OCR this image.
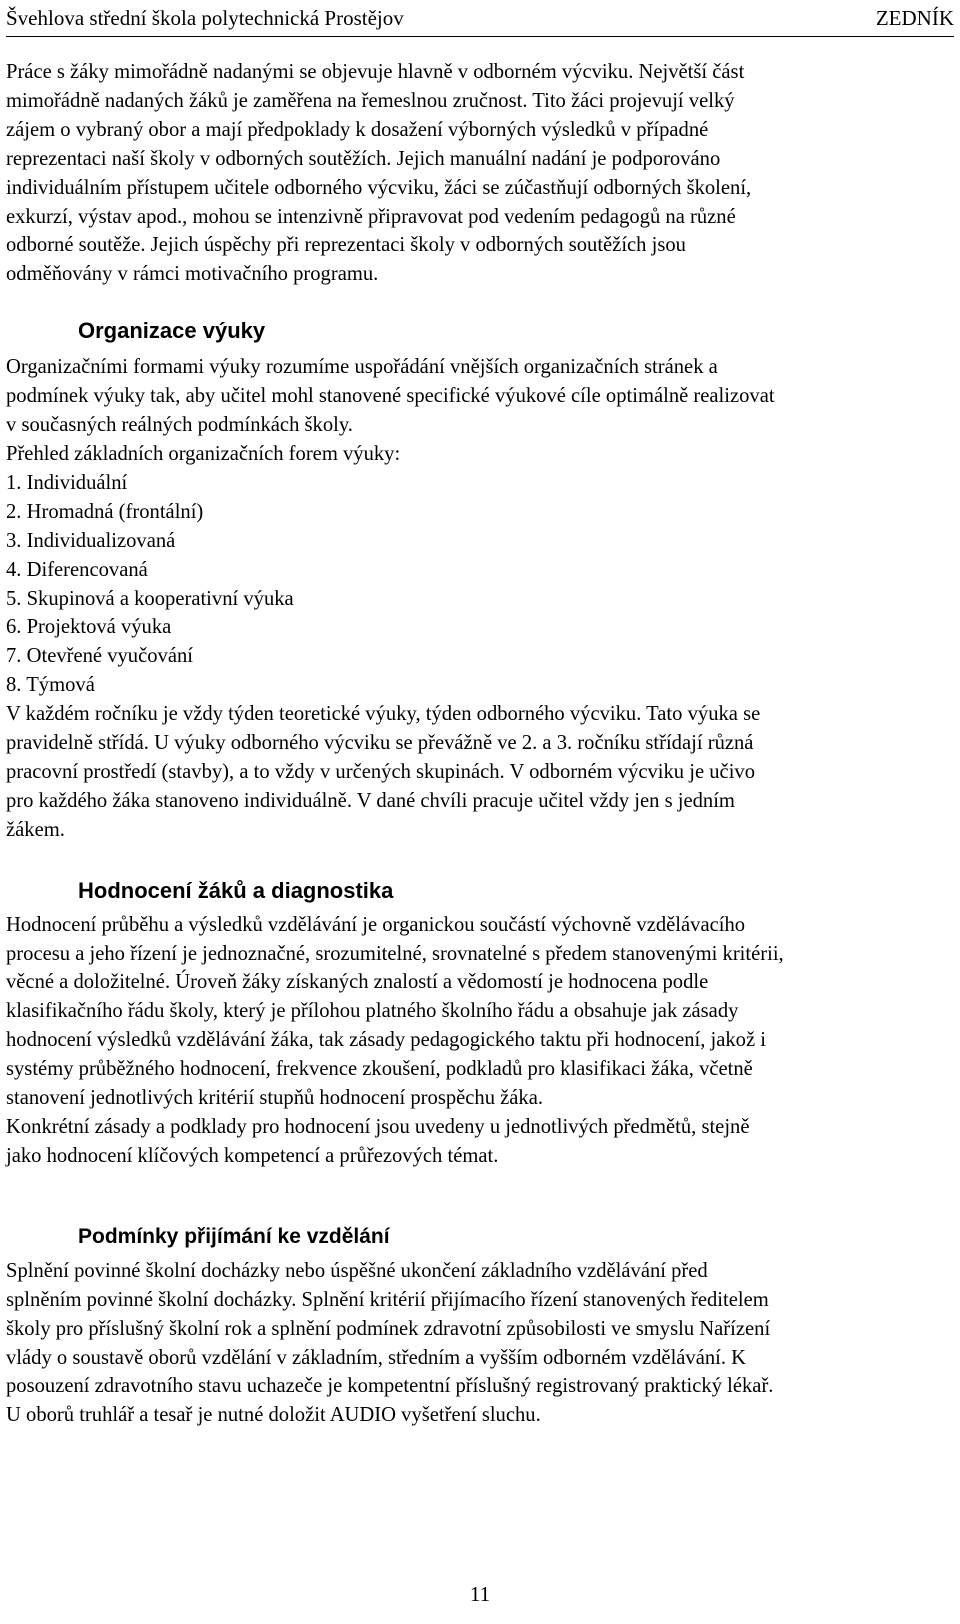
Švehlova střední škola polytechnická Prostějov	ZEDNÍK

Práce s žáky mimořádně nadanými se objevuje hlavně v odborném výcviku. Největší část
mimořádně nadaných žáků je zaměřena na řemeslnou zručnost. Tito žáci projevují velký
zájem o vybraný obor a mají předpoklady k dosažení výborných výsledků v případné
reprezentaci naší školy v odborných soutěžích. Jejich manuální nadání je podporováno
individuálním přístupem učitele odborného výcviku, žáci se zúčastňují odborných školení,
exkurzí, výstav apod., mohou se intenzivně připravovat pod vedením pedagogů na různé
odborné soutěže. Jejich úspěchy při reprezentaci školy v odborných soutěžích jsou
odměňovány v rámci motivačního programu.

Organizace výuky

Organizačními formami výuky rozumíme uspořádání vnějších organizačních stránek a
podmínek výuky tak, aby učitel mohl stanovené specifické výukové cíle optimálně realizovat
v současných reálných podmínkách školy.

Přehled základních organizačních forem výuky:

1. Individuální
2. Hromadná (frontální)
3. Individualizovaná
4. Diferencovaná
5. Skupinová a kooperativní výuka
6. Projektová výuka
7. Otevřené vyučování
8. Týmová

V každém ročníku je vždy týden teoretické výuky, týden odborného výcviku. Tato výuka se
pravidelně střídá. U výuky odborného výcviku se převážně ve 2. a 3. ročníku střídají různá
pracovní prostředí (stavby), a to vždy v určených skupinách. V odborném výcviku je učivo
pro každého žáka stanoveno individuálně. V dané chvíli pracuje učitel vždy jen s jedním
žákem.

Hodnocení žáků a diagnostika

Hodnocení průběhu a výsledků vzdělávání je organickou součástí výchovně vzdělávacího
procesu a jeho řízení je jednoznačné, srozumitelné, srovnatelné s předem stanovenými kritérii,
věcné a doložitelné. Úroveň žáky získaných znalostí a vědomostí je hodnocena podle
klasifikačního řádu školy, který je přílohou platného školního řádu a obsahuje jak zásady
hodnocení výsledků vzdělávání žáka, tak zásady pedagogického taktu při hodnocení, jakož i
systémy průběžného hodnocení, frekvence zkoušení, podkladů pro klasifikaci žáka, včetně
stanovení jednotlivých kritérií stupňů hodnocení prospěchu žáka.

Konkrétní zásady a podklady pro hodnocení jsou uvedeny u jednotlivých předmětů, stejně
jako hodnocení klíčových kompetencí a průřezových témat.

Podmínky přijímání ke vzdělání

Splnění povinné školní docházky nebo úspěšné ukončení základního vzdělávání před
splněním povinné školní docházky. Splnění kritérií přijímacího řízení stanovených ředitelem
školy pro příslušný školní rok a splnění podmínek zdravotní způsobilosti ve smyslu Nařízení
vlády o soustavě oborů vzdělání v základním, středním a vyšším odborném vzdělávání. K
posouzení zdravotního stavu uchazeče je kompetentní příslušný registrovaný praktický lékař.
U oborů truhlář a tesař je nutné doložit AUDIO vyšetření sluchu.

11
